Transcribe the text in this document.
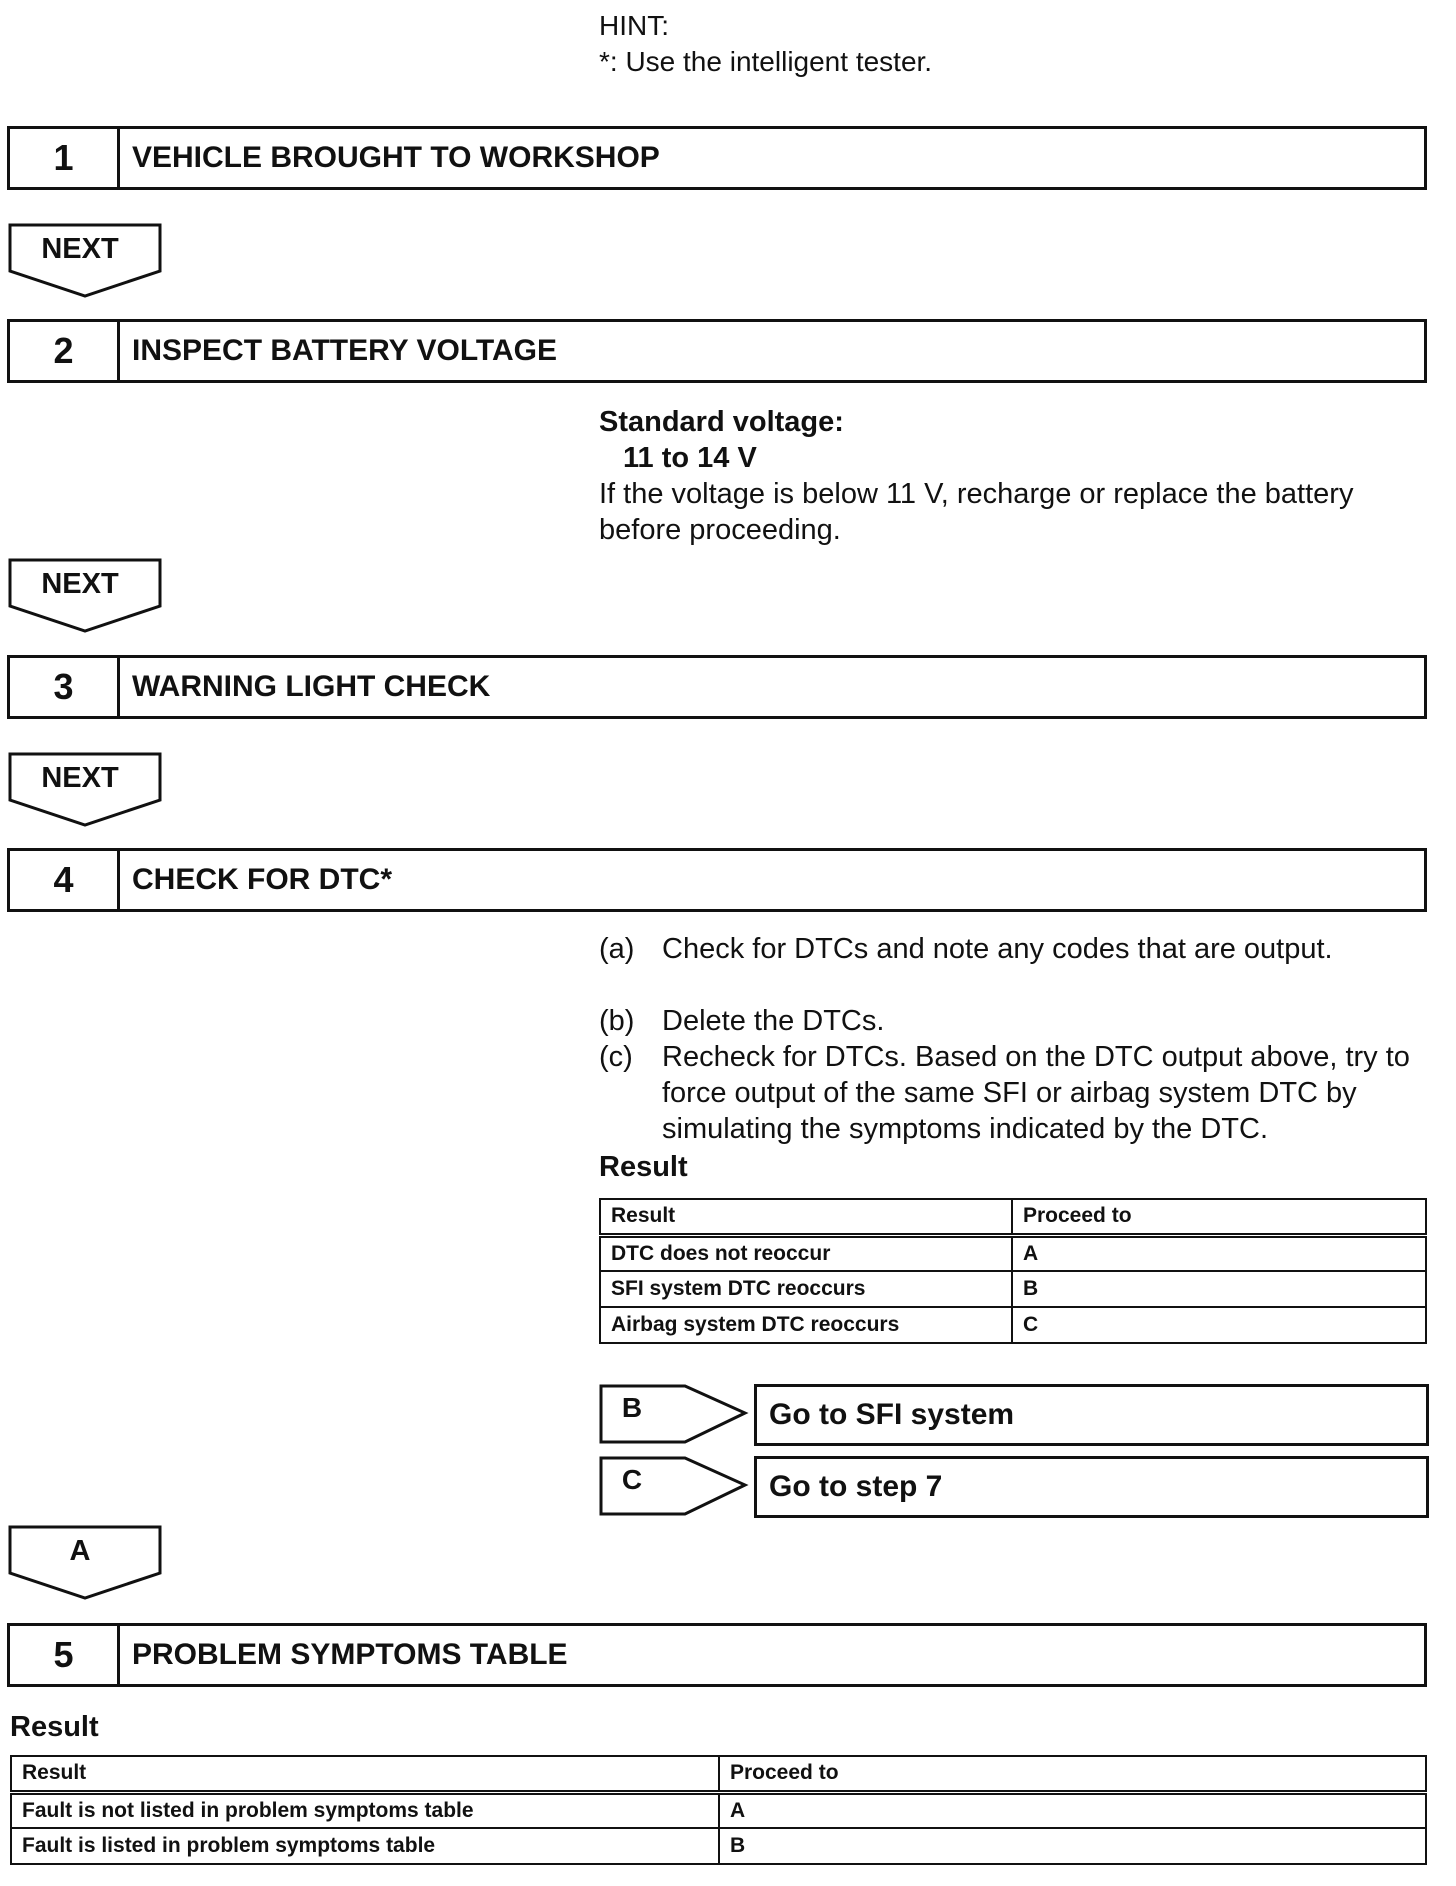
HINT:
*: Use the intelligent tester.
1	VEHICLE BROUGHT TO WORKSHOP
NEXT
2	INSPECT BATTERY VOLTAGE
Standard voltage:
11 to 14 V
If the voltage is below 11 V, recharge or replace the battery
before proceeding.
NEXT
3	WARNING LIGHT CHECK
NEXT
4	CHECK FOR DTC*
(a) Check for DTCs and note any codes that are output.
(b) Delete the DTCs.
(c) Recheck for DTCs. Based on the DTC output above, try to force output of the same SFI or airbag system DTC by simulating the symptoms indicated by the DTC.
Result
Result	Proceed to
DTC does not reoccur	A
SFI system DTC reoccurs	B
Airbag system DTC reoccurs	C
B	Go to SFI system
C	Go to step 7
A
5	PROBLEM SYMPTOMS TABLE
Result
Result	Proceed to
Fault is not listed in problem symptoms table	A
Fault is listed in problem symptoms table	B
